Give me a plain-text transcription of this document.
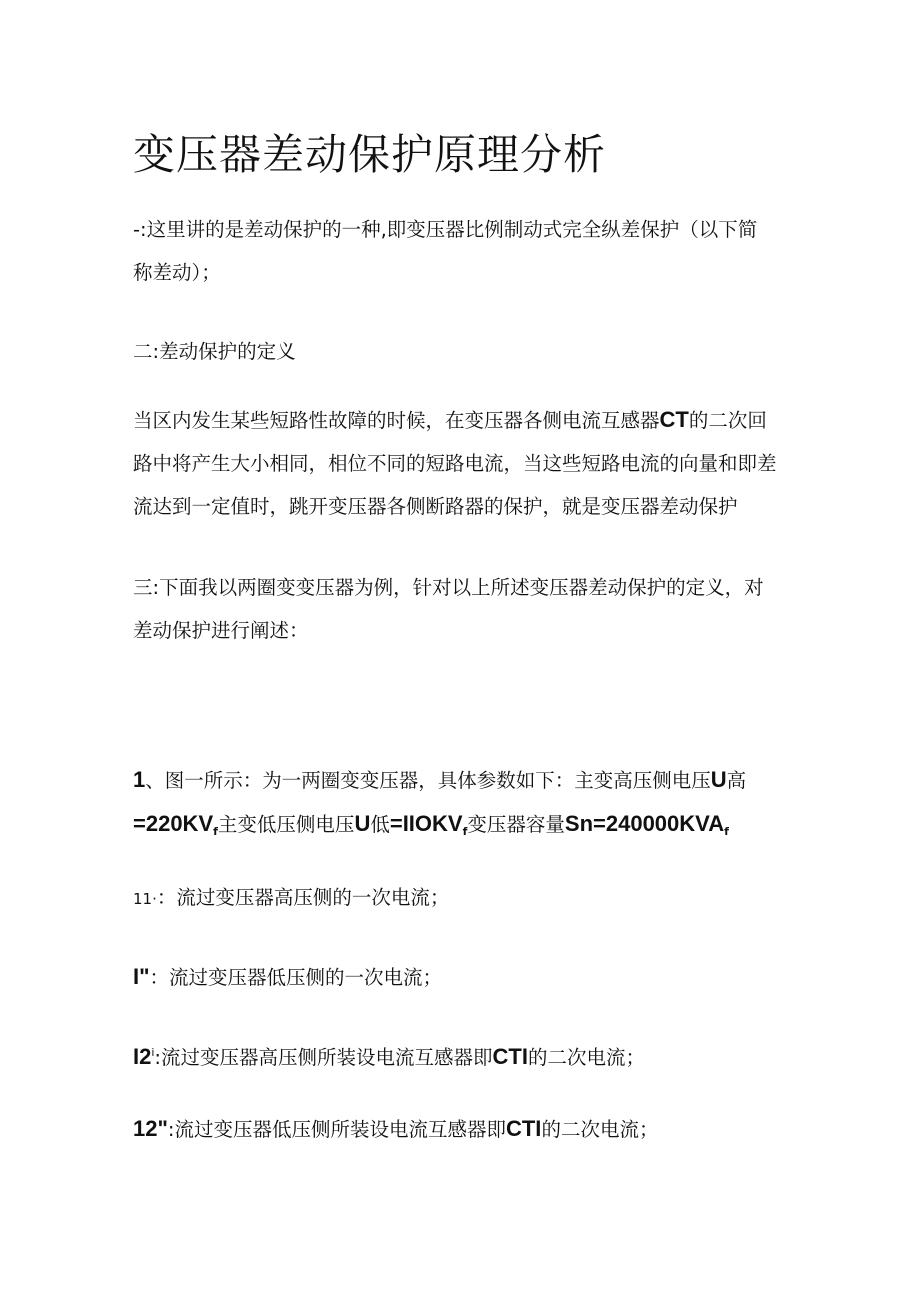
变压器差动保护原理分析

-:这里讲的是差动保护的一种,即变压器比例制动式完全纵差保护（以下简
称差动）；

二:差动保护的定义

当区内发生某些短路性故障的时候，在变压器各侧电流互感器CT的二次回
路中将产生大小相同，相位不同的短路电流，当这些短路电流的向量和即差
流达到一定值时，跳开变压器各侧断路器的保护，就是变压器差动保护

三:下面我以两圈变变压器为例，针对以上所述变压器差动保护的定义，对
差动保护进行阐述：

1、图一所示：为一两圈变变压器，具体参数如下：主变高压侧电压U高
$=220KV_f$主变低压侧电压U低$=IIOKV_f$变压器容量$Sn=240000KVA_f$

11·：流过变压器高压侧的一次电流；

I"：流过变压器低压侧的一次电流；

I2$^i$:流过变压器高压侧所装设电流互感器即CTI的二次电流；

12":流过变压器低压侧所装设电流互感器即CTI的二次电流；
